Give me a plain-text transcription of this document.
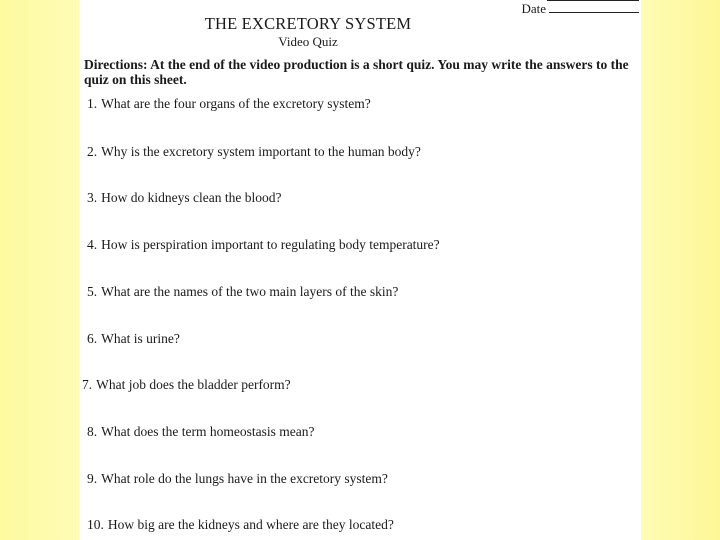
Date
THE EXCRETORY SYSTEM
Video Quiz
Directions: At the end of the video production is a short quiz. You may write the answers to the quiz on this sheet.
1. What are the four organs of the excretory system?
2. Why is the excretory system important to the human body?
3. How do kidneys clean the blood?
4. How is perspiration important to regulating body temperature?
5. What are the names of the two main layers of the skin?
6. What is urine?
7. What job does the bladder perform?
8. What does the term homeostasis mean?
9. What role do the lungs have in the excretory system?
10. How big are the kidneys and where are they located?
